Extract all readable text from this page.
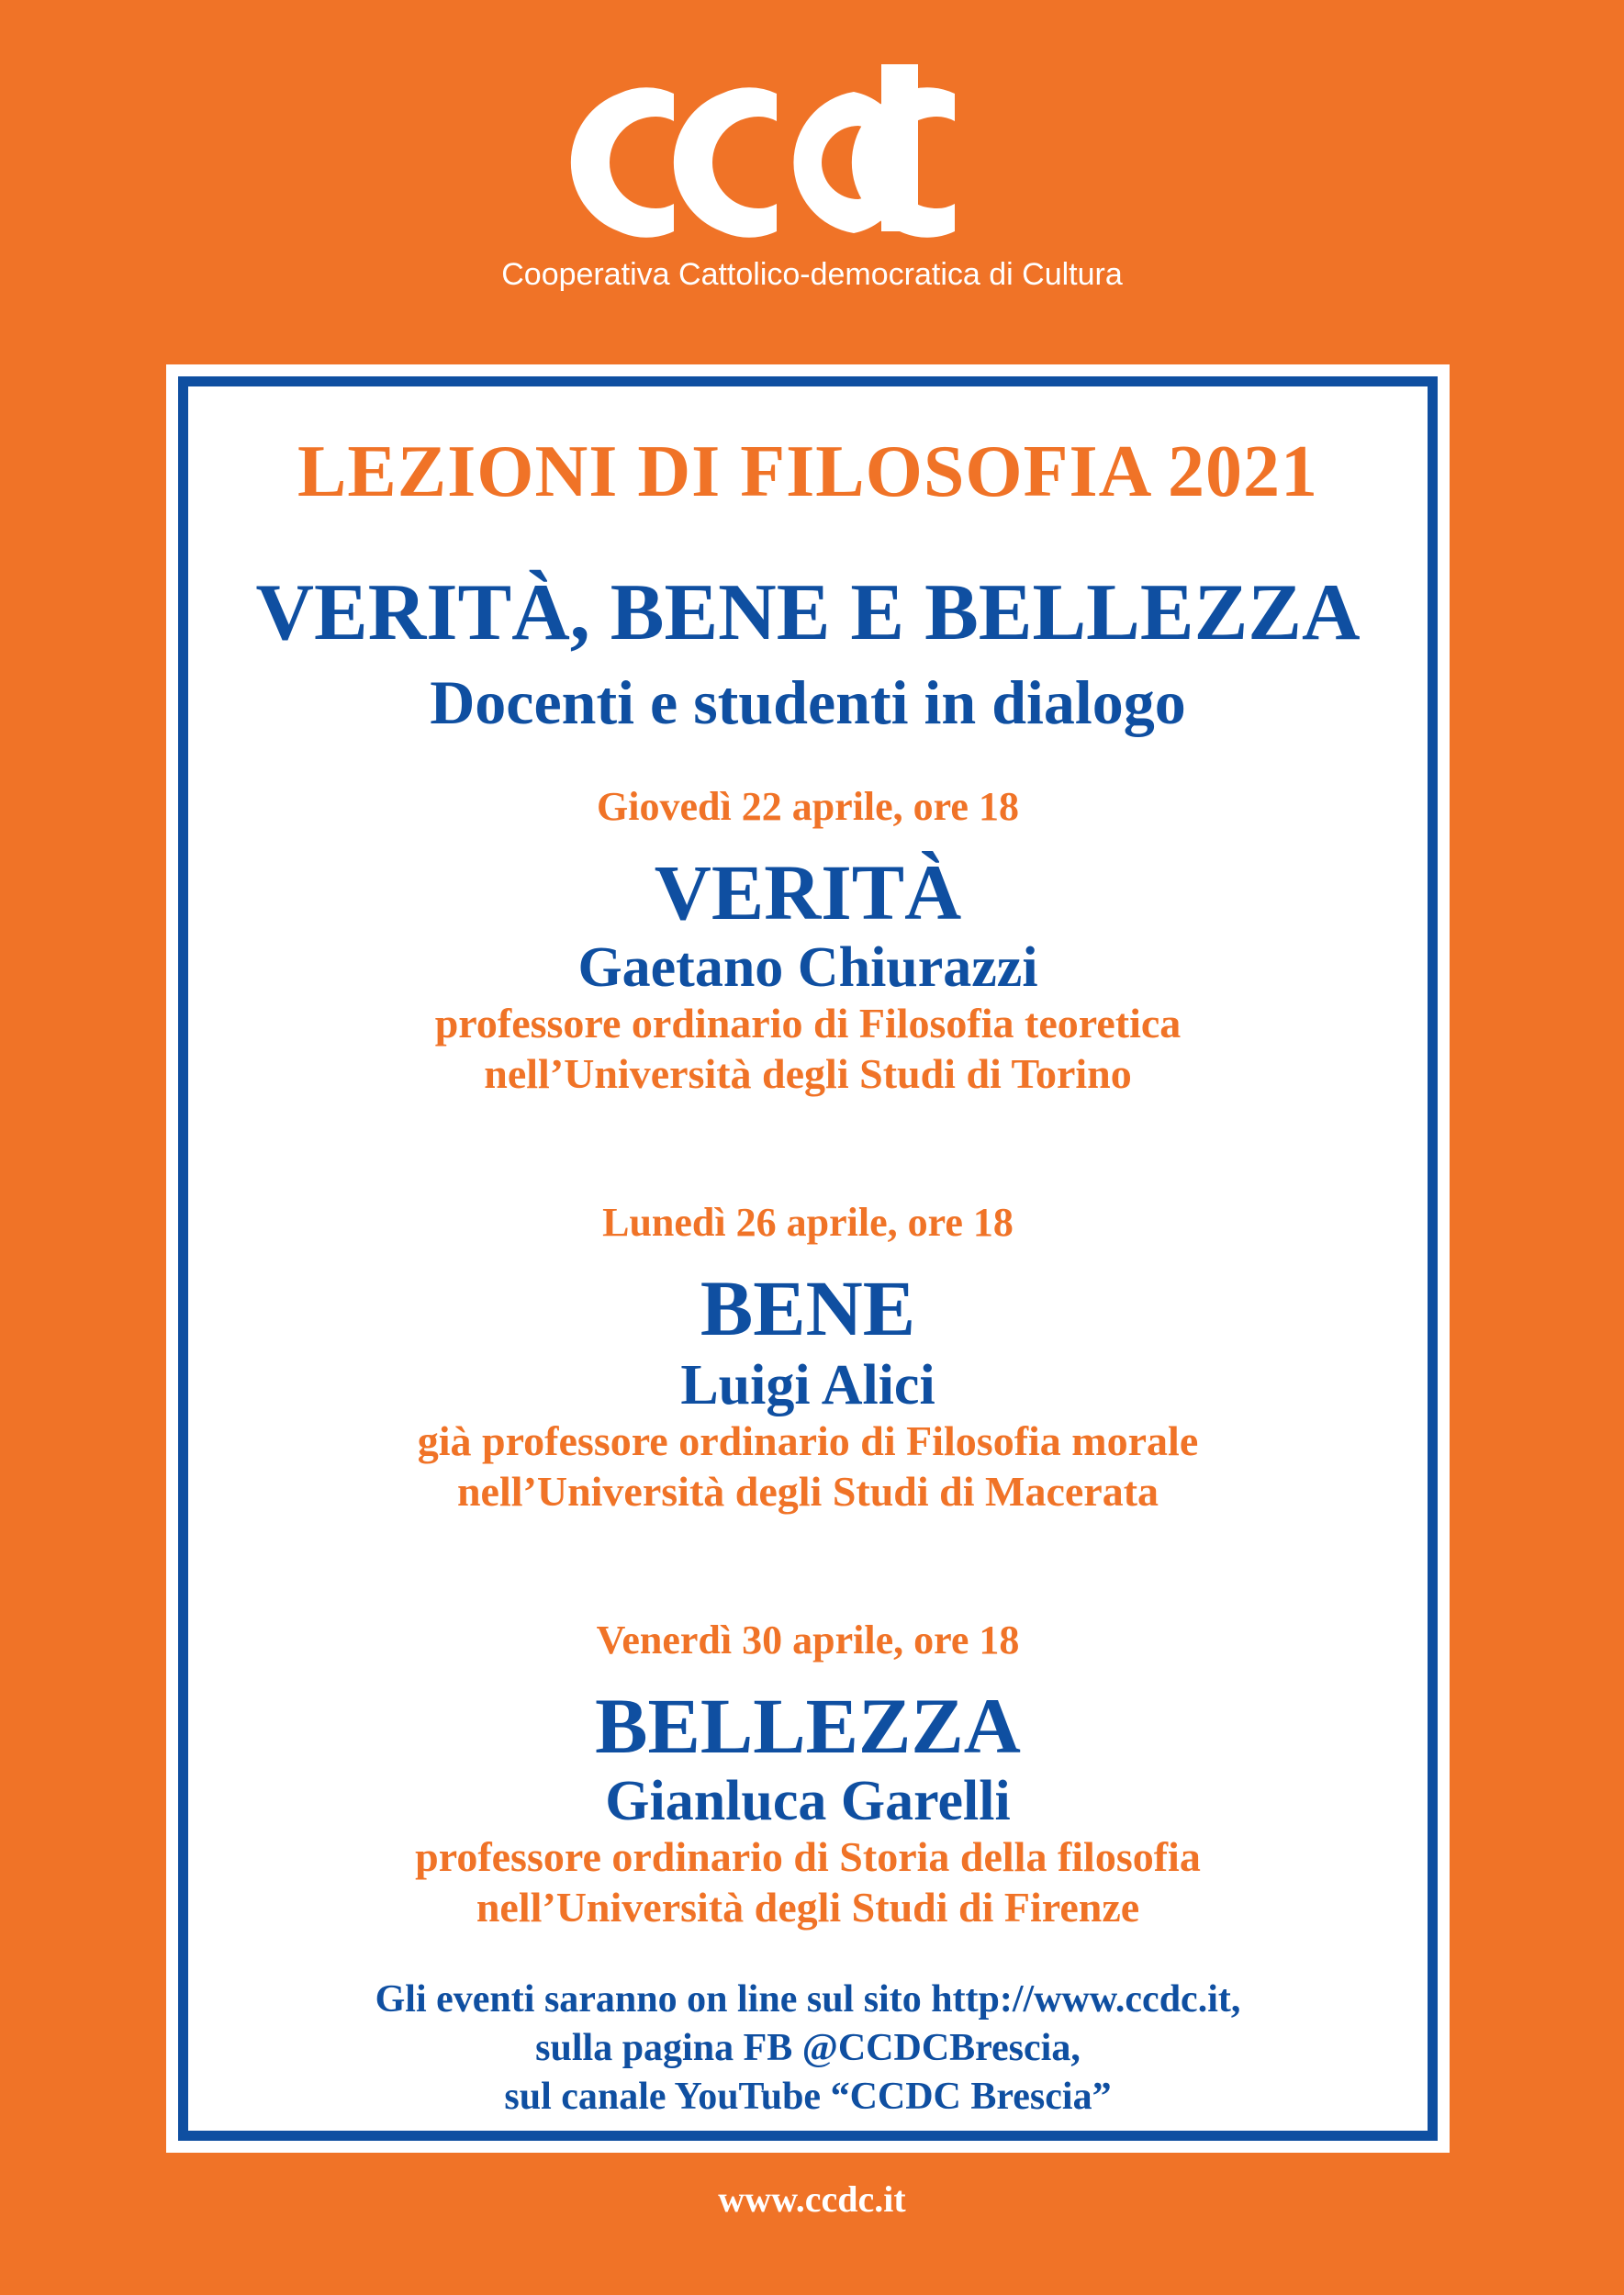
Cooperativa Cattolico-democratica di Cultura

LEZIONI DI FILOSOFIA 2021

VERITÀ, BENE E BELLEZZA

Docenti e studenti in dialogo

Giovedì 22 aprile, ore 18

VERITÀ

Gaetano Chiurazzi

professore ordinario di Filosofia teoretica

nell’Università degli Studi di Torino

Lunedì 26 aprile, ore 18

BENE

Luigi Alici

già professore ordinario di Filosofia morale

nell’Università degli Studi di Macerata

Venerdì 30 aprile, ore 18

BELLEZZA

Gianluca Garelli

professore ordinario di Storia della filosofia

nell’Università degli Studi di Firenze

Gli eventi saranno on line sul sito http://www.ccdc.it,

sulla pagina FB @CCDCBrescia,

sul canale YouTube “CCDC Brescia”

www.ccdc.it
